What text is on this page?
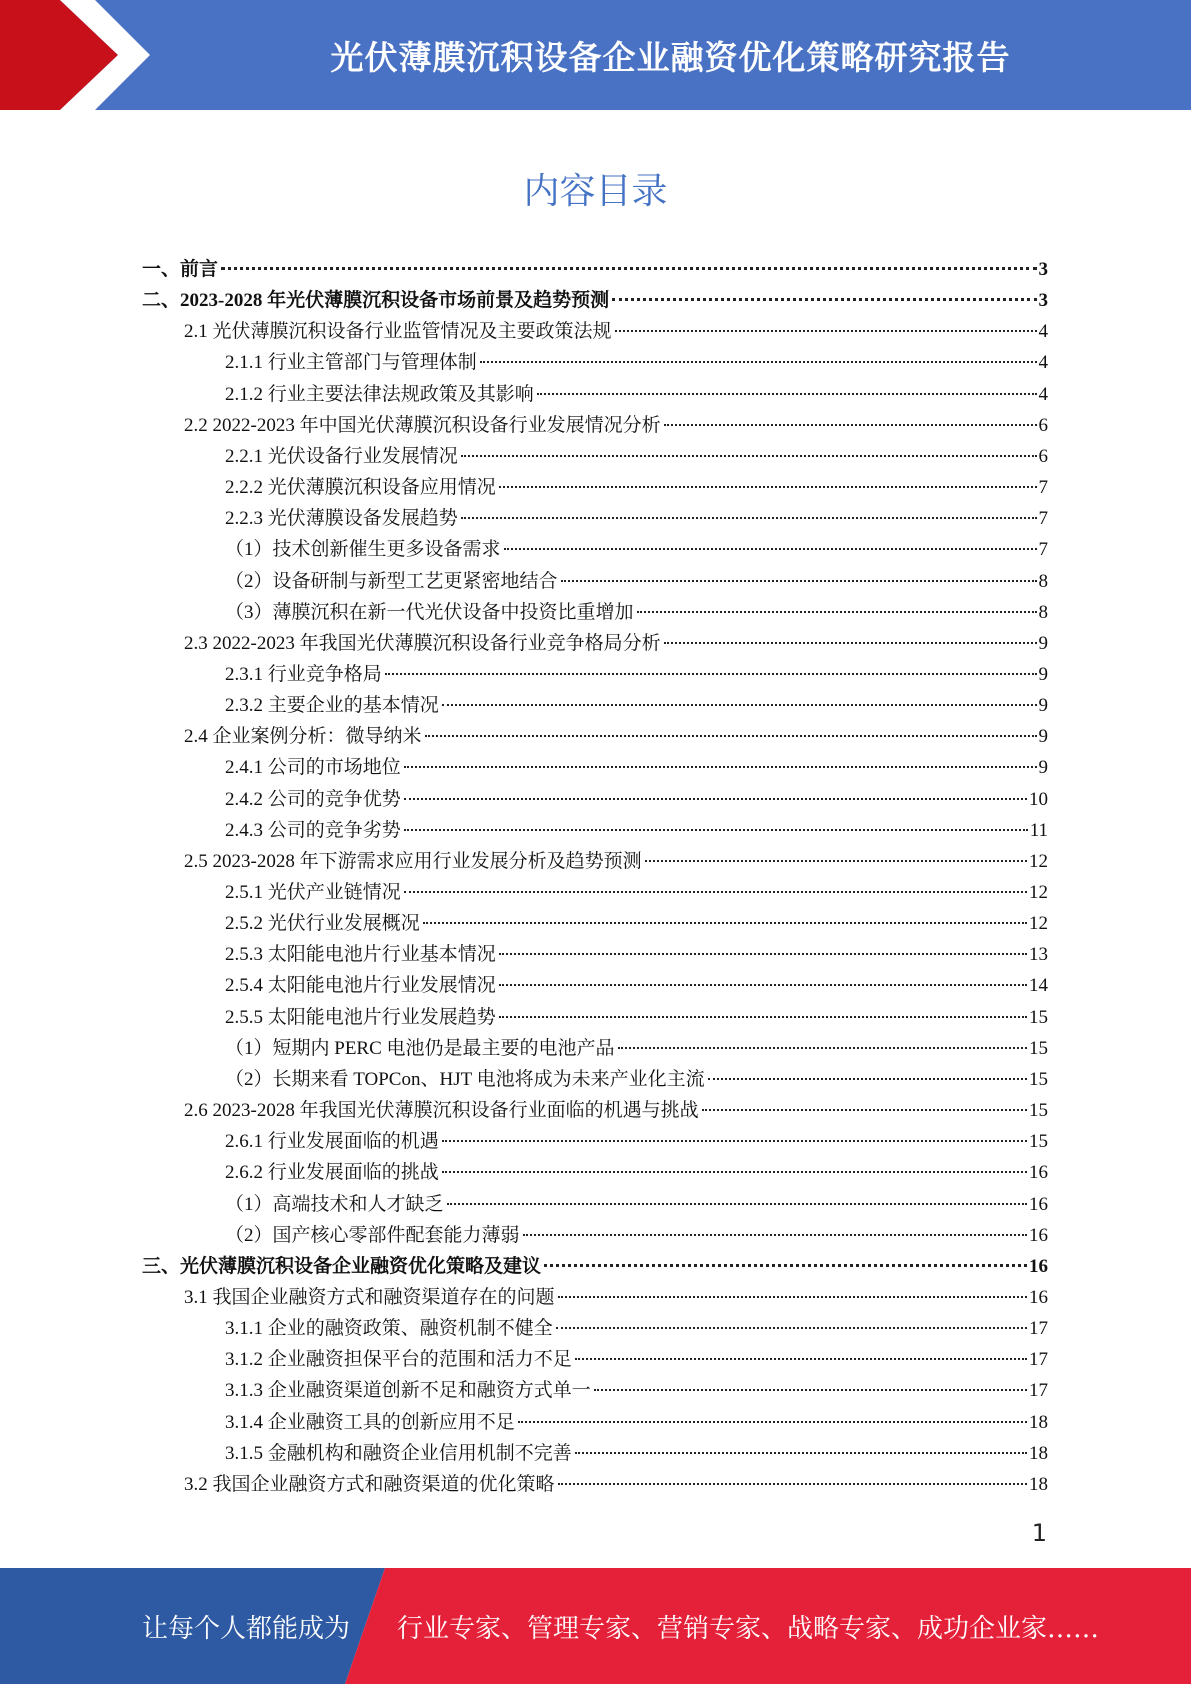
光伏薄膜沉积设备企业融资优化策略研究报告
内容目录
一、前言	3
二、2023-2028 年光伏薄膜沉积设备市场前景及趋势预测	3
2.1 光伏薄膜沉积设备行业监管情况及主要政策法规	4
2.1.1 行业主管部门与管理体制	4
2.1.2 行业主要法律法规政策及其影响	4
2.2 2022-2023 年中国光伏薄膜沉积设备行业发展情况分析	6
2.2.1 光伏设备行业发展情况	6
2.2.2 光伏薄膜沉积设备应用情况	7
2.2.3 光伏薄膜设备发展趋势	7
（1）技术创新催生更多设备需求	7
（2）设备研制与新型工艺更紧密地结合	8
（3）薄膜沉积在新一代光伏设备中投资比重增加	8
2.3 2022-2023 年我国光伏薄膜沉积设备行业竞争格局分析	9
2.3.1 行业竞争格局	9
2.3.2 主要企业的基本情况	9
2.4 企业案例分析：微导纳米	9
2.4.1 公司的市场地位	9
2.4.2 公司的竞争优势	10
2.4.3 公司的竞争劣势	11
2.5 2023-2028 年下游需求应用行业发展分析及趋势预测	12
2.5.1 光伏产业链情况	12
2.5.2 光伏行业发展概况	12
2.5.3 太阳能电池片行业基本情况	13
2.5.4 太阳能电池片行业发展情况	14
2.5.5 太阳能电池片行业发展趋势	15
（1）短期内 PERC 电池仍是最主要的电池产品	15
（2）长期来看 TOPCon、HJT 电池将成为未来产业化主流	15
2.6 2023-2028 年我国光伏薄膜沉积设备行业面临的机遇与挑战	15
2.6.1 行业发展面临的机遇	15
2.6.2 行业发展面临的挑战	16
（1）高端技术和人才缺乏	16
（2）国产核心零部件配套能力薄弱	16
三、光伏薄膜沉积设备企业融资优化策略及建议	16
3.1 我国企业融资方式和融资渠道存在的问题	16
3.1.1 企业的融资政策、融资机制不健全	17
3.1.2 企业融资担保平台的范围和活力不足	17
3.1.3 企业融资渠道创新不足和融资方式单一	17
3.1.4 企业融资工具的创新应用不足	18
3.1.5 金融机构和融资企业信用机制不完善	18
3.2 我国企业融资方式和融资渠道的优化策略	18
1
让每个人都能成为 行业专家、管理专家、营销专家、战略专家、成功企业家……
